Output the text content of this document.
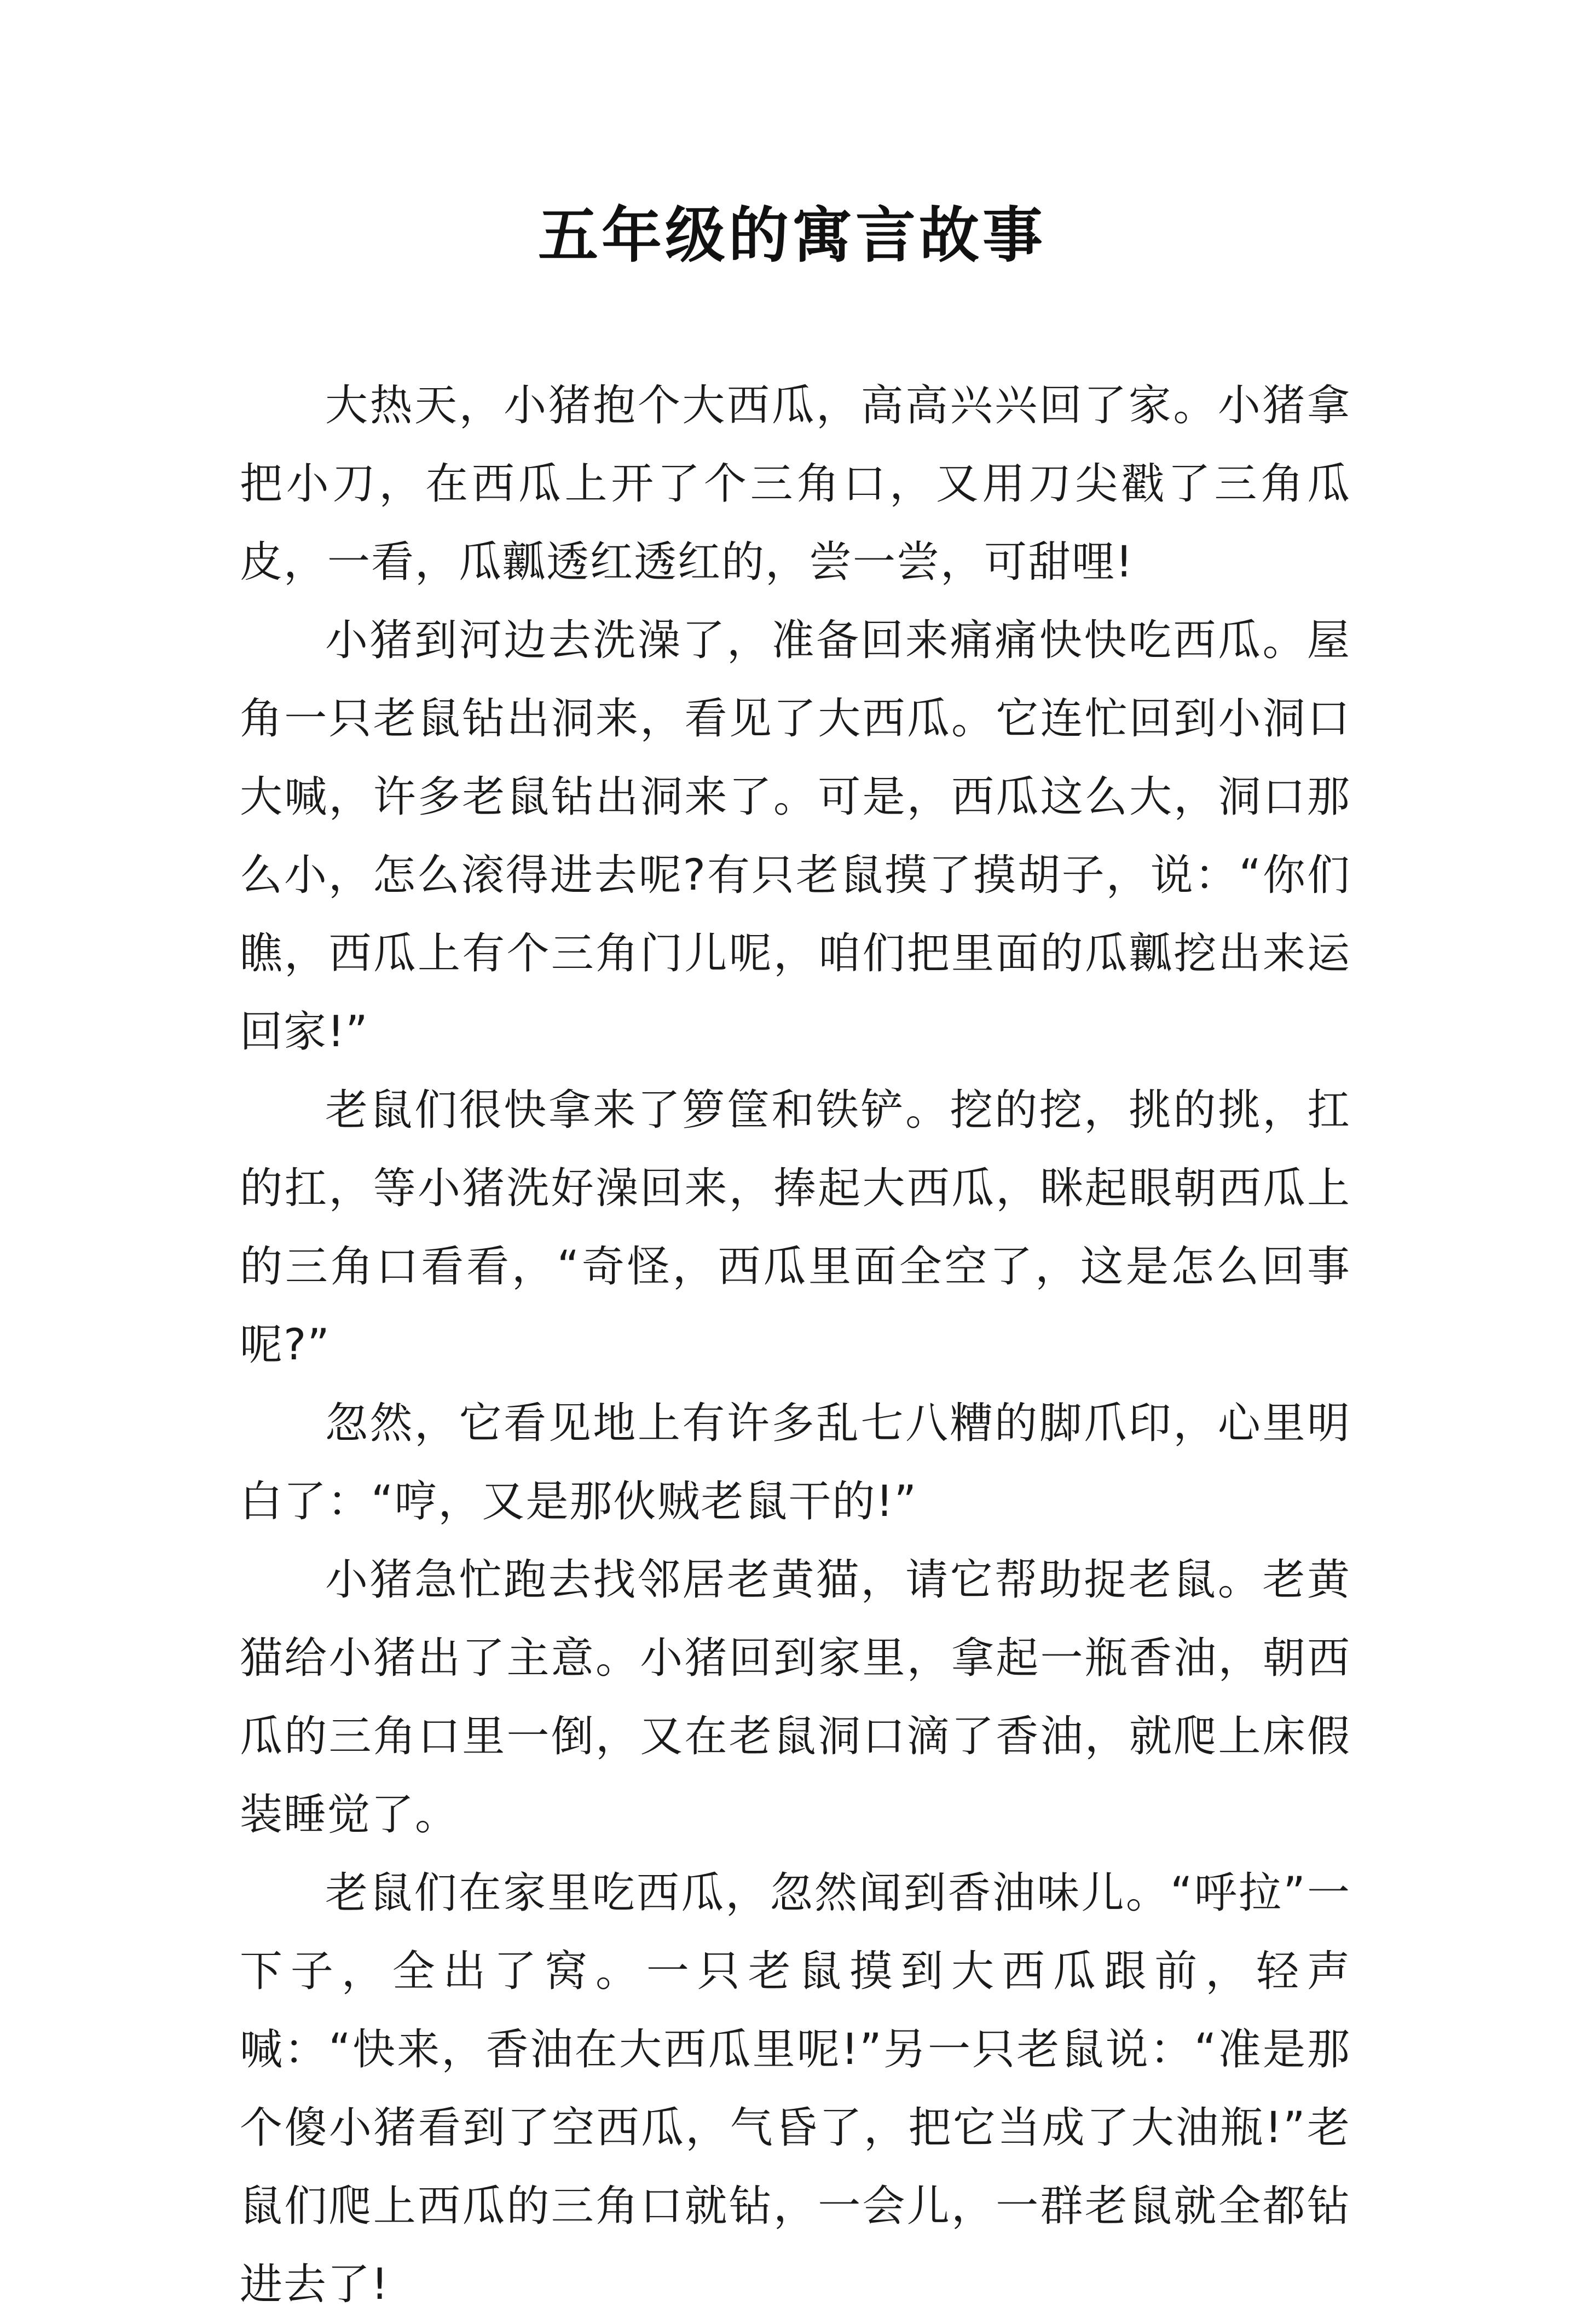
五年级的寓言故事

大热天，小猪抱个大西瓜，高高兴兴回了家。小猪拿把小刀，在西瓜上开了个三角口，又用刀尖戳了三角瓜皮，一看，瓜瓤透红透红的，尝一尝，可甜哩!

小猪到河边去洗澡了，准备回来痛痛快快吃西瓜。屋角一只老鼠钻出洞来，看见了大西瓜。它连忙回到小洞口大喊，许多老鼠钻出洞来了。可是，西瓜这么大，洞口那么小，怎么滚得进去呢?有只老鼠摸了摸胡子，说：“你们瞧，西瓜上有个三角门儿呢，咱们把里面的瓜瓤挖出来运回家!”

老鼠们很快拿来了箩筐和铁铲。挖的挖，挑的挑，扛的扛，等小猪洗好澡回来，捧起大西瓜，眯起眼朝西瓜上的三角口看看，“奇怪，西瓜里面全空了，这是怎么回事呢?”

忽然，它看见地上有许多乱七八糟的脚爪印，心里明白了：“哼，又是那伙贼老鼠干的!”

小猪急忙跑去找邻居老黄猫，请它帮助捉老鼠。老黄猫给小猪出了主意。小猪回到家里，拿起一瓶香油，朝西瓜的三角口里一倒，又在老鼠洞口滴了香油，就爬上床假装睡觉了。

老鼠们在家里吃西瓜，忽然闻到香油味儿。“呼拉”一下子，全出了窝。一只老鼠摸到大西瓜跟前，轻声喊：“快来，香油在大西瓜里呢!”另一只老鼠说：“准是那个傻小猪看到了空西瓜，气昏了，把它当成了大油瓶!”老鼠们爬上西瓜的三角口就钻，一会儿，一群老鼠就全都钻进去了!
